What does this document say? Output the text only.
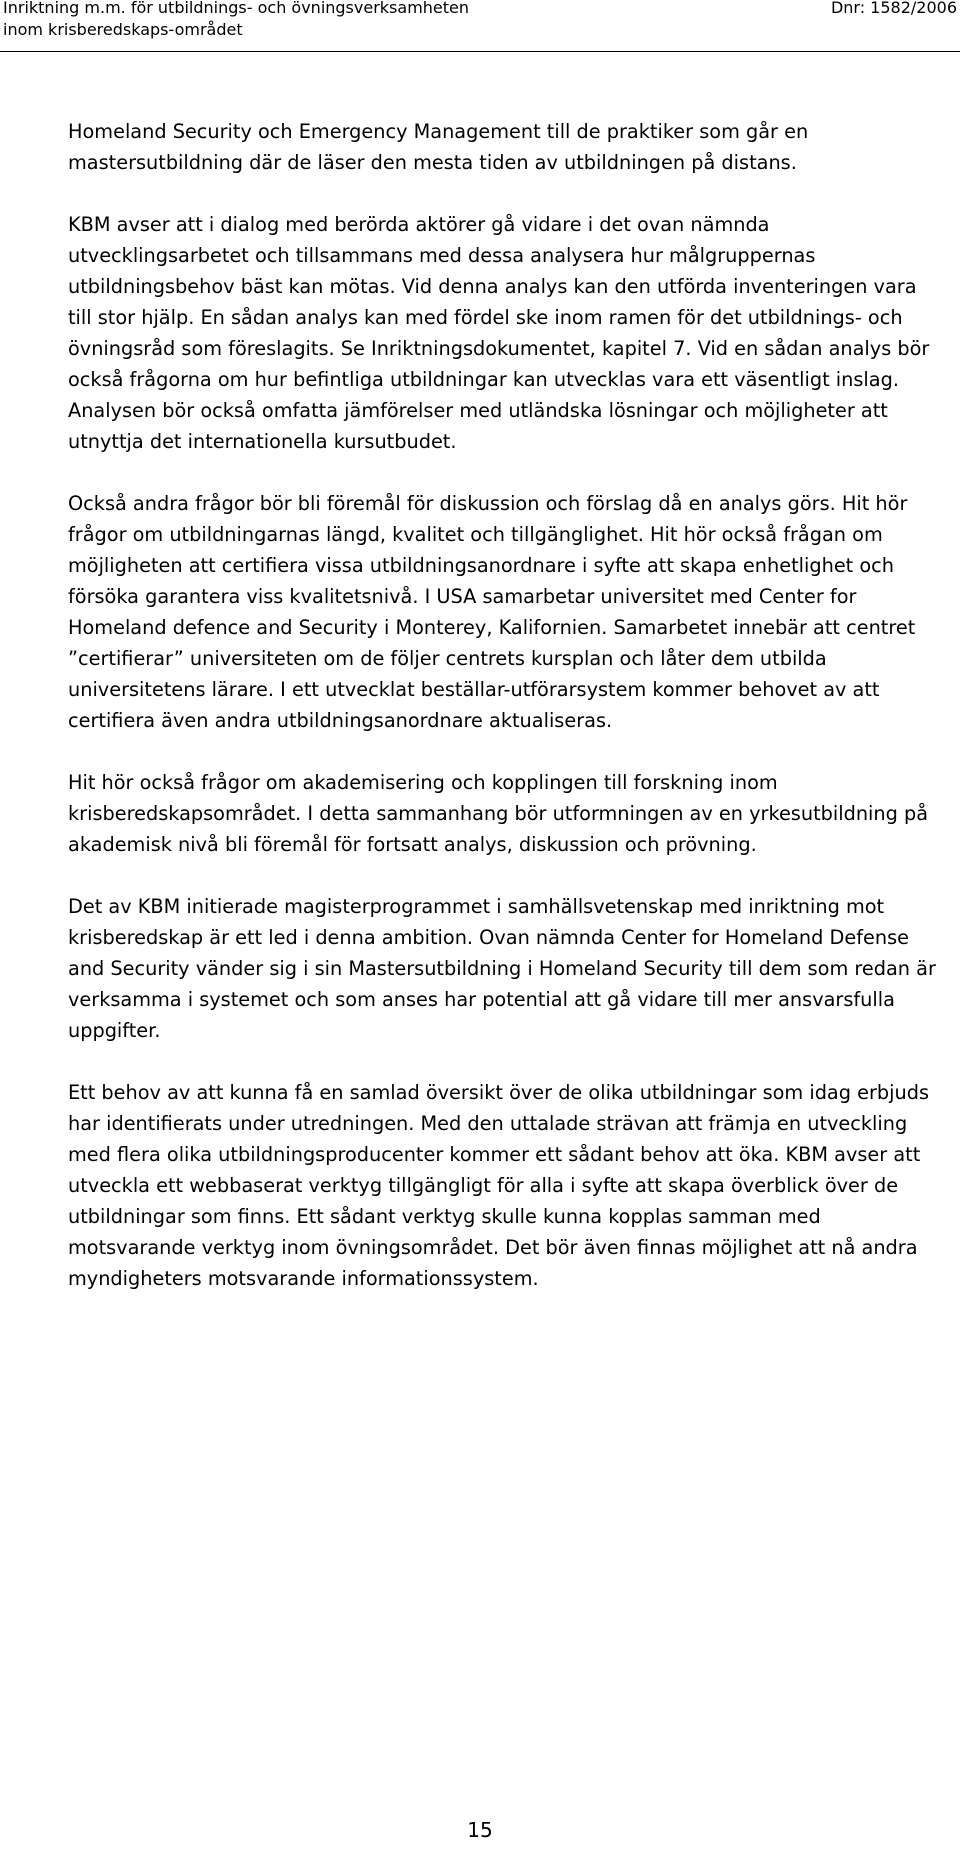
Inriktning m.m. för utbildnings- och övningsverksamheten
inom krisberedskaps-området
Dnr: 1582/2006

Homeland Security och Emergency Management till de praktiker som går en mastersutbildning där de läser den mesta tiden av utbildningen på distans.

KBM avser att i dialog med berörda aktörer gå vidare i det ovan nämnda utvecklingsarbetet och tillsammans med dessa analysera hur målgruppernas utbildningsbehov bäst kan mötas. Vid denna analys kan den utförda inventeringen vara till stor hjälp. En sådan analys kan med fördel ske inom ramen för det utbildnings- och övningsråd som föreslagits. Se Inriktningsdokumentet, kapitel 7. Vid en sådan analys bör också frågorna om hur befintliga utbildningar kan utvecklas vara ett väsentligt inslag. Analysen bör också omfatta jämförelser med utländska lösningar och möjligheter att utnyttja det internationella kursutbudet.

Också andra frågor bör bli föremål för diskussion och förslag då en analys görs. Hit hör frågor om utbildningarnas längd, kvalitet och tillgänglighet. Hit hör också frågan om möjligheten att certifiera vissa utbildningsanordnare i syfte att skapa enhetlighet och försöka garantera viss kvalitetsnivå. I USA samarbetar universitet med Center for Homeland defence and Security i Monterey, Kalifornien. Samarbetet innebär att centret ”certifierar” universiteten om de följer centrets kursplan och låter dem utbilda universitetens lärare. I ett utvecklat beställar-utförarsystem kommer behovet av att certifiera även andra utbildningsanordnare aktualiseras.

Hit hör också frågor om akademisering och kopplingen till forskning inom krisberedskapsområdet. I detta sammanhang bör utformningen av en yrkesutbildning på akademisk nivå bli föremål för fortsatt analys, diskussion och prövning.

Det av KBM initierade magisterprogrammet i samhällsvetenskap med inriktning mot krisberedskap är ett led i denna ambition. Ovan nämnda Center for Homeland Defense and Security vänder sig i sin Mastersutbildning i Homeland Security till dem som redan är verksamma i systemet och som anses har potential att gå vidare till mer ansvarsfulla uppgifter.

Ett behov av att kunna få en samlad översikt över de olika utbildningar som idag erbjuds har identifierats under utredningen. Med den uttalade strävan att främja en utveckling med flera olika utbildningsproducenter kommer ett sådant behov att öka. KBM avser att utveckla ett webbaserat verktyg tillgängligt för alla i syfte att skapa överblick över de utbildningar som finns. Ett sådant verktyg skulle kunna kopplas samman med motsvarande verktyg inom övningsområdet. Det bör även finnas möjlighet att nå andra myndigheters motsvarande informationssystem.

15
